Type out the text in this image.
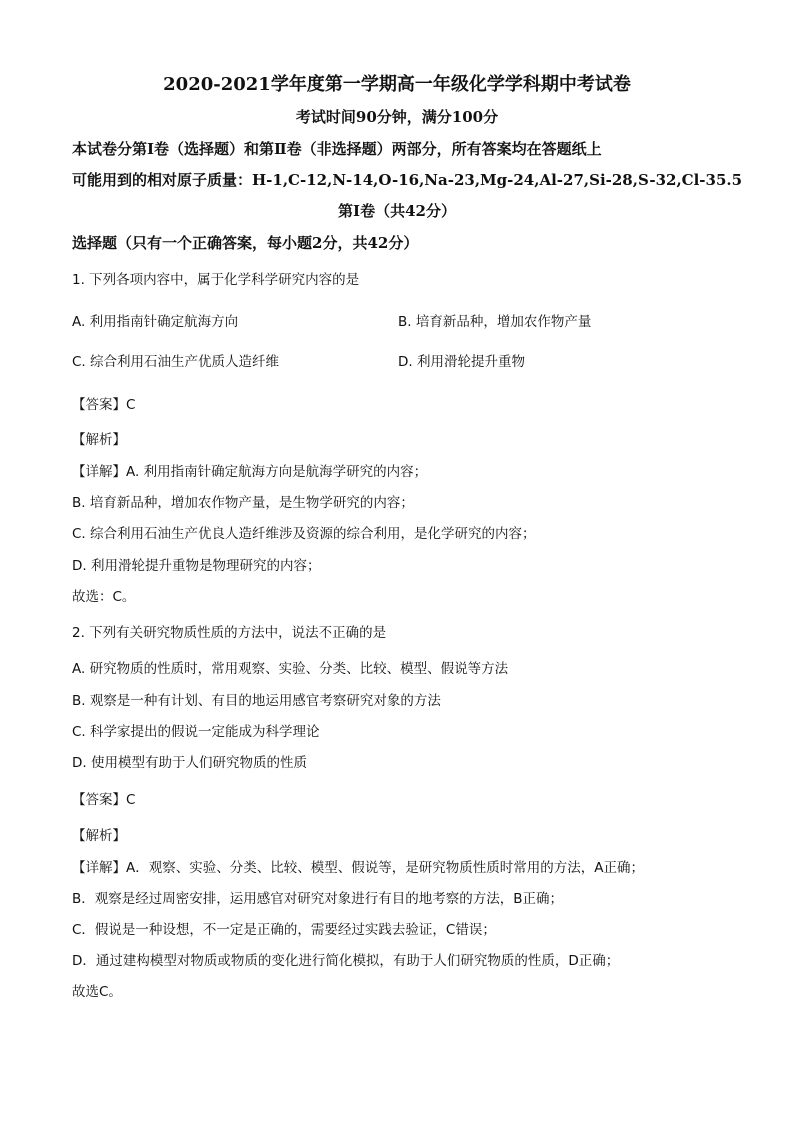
2020-2021学年度第一学期高一年级化学学科期中考试卷
考试时间90分钟，满分100分
本试卷分第Ⅰ卷（选择题）和第Ⅱ卷（非选择题）两部分，所有答案均在答题纸上
可能用到的相对原子质量：H-1,C-12,N-14,O-16,Na-23,Mg-24,Al-27,Si-28,S-32,Cl-35.5
第Ⅰ卷（共42分）
选择题（只有一个正确答案，每小题2分，共42分）
1. 下列各项内容中，属于化学科学研究内容的是
A. 利用指南针确定航海方向	B. 培育新品种，增加农作物产量
C. 综合利用石油生产优质人造纤维	D. 利用滑轮提升重物
【答案】C
【解析】
【详解】A. 利用指南针确定航海方向是航海学研究的内容；
B. 培育新品种，增加农作物产量，是生物学研究的内容；
C. 综合利用石油生产优良人造纤维涉及资源的综合利用，是化学研究的内容；
D. 利用滑轮提升重物是物理研究的内容；
故选：C。
2. 下列有关研究物质性质的方法中，说法不正确的是
A. 研究物质的性质时，常用观察、实验、分类、比较、模型、假说等方法
B. 观察是一种有计划、有目的地运用感官考察研究对象的方法
C. 科学家提出的假说一定能成为科学理论
D. 使用模型有助于人们研究物质的性质
【答案】C
【解析】
【详解】A．观察、实验、分类、比较、模型、假说等，是研究物质性质时常用的方法，A正确；
B．观察是经过周密安排，运用感官对研究对象进行有目的地考察的方法，B正确；
C．假说是一种设想，不一定是正确的，需要经过实践去验证，C错误；
D．通过建构模型对物质或物质的变化进行简化模拟，有助于人们研究物质的性质，D正确；
故选C。
